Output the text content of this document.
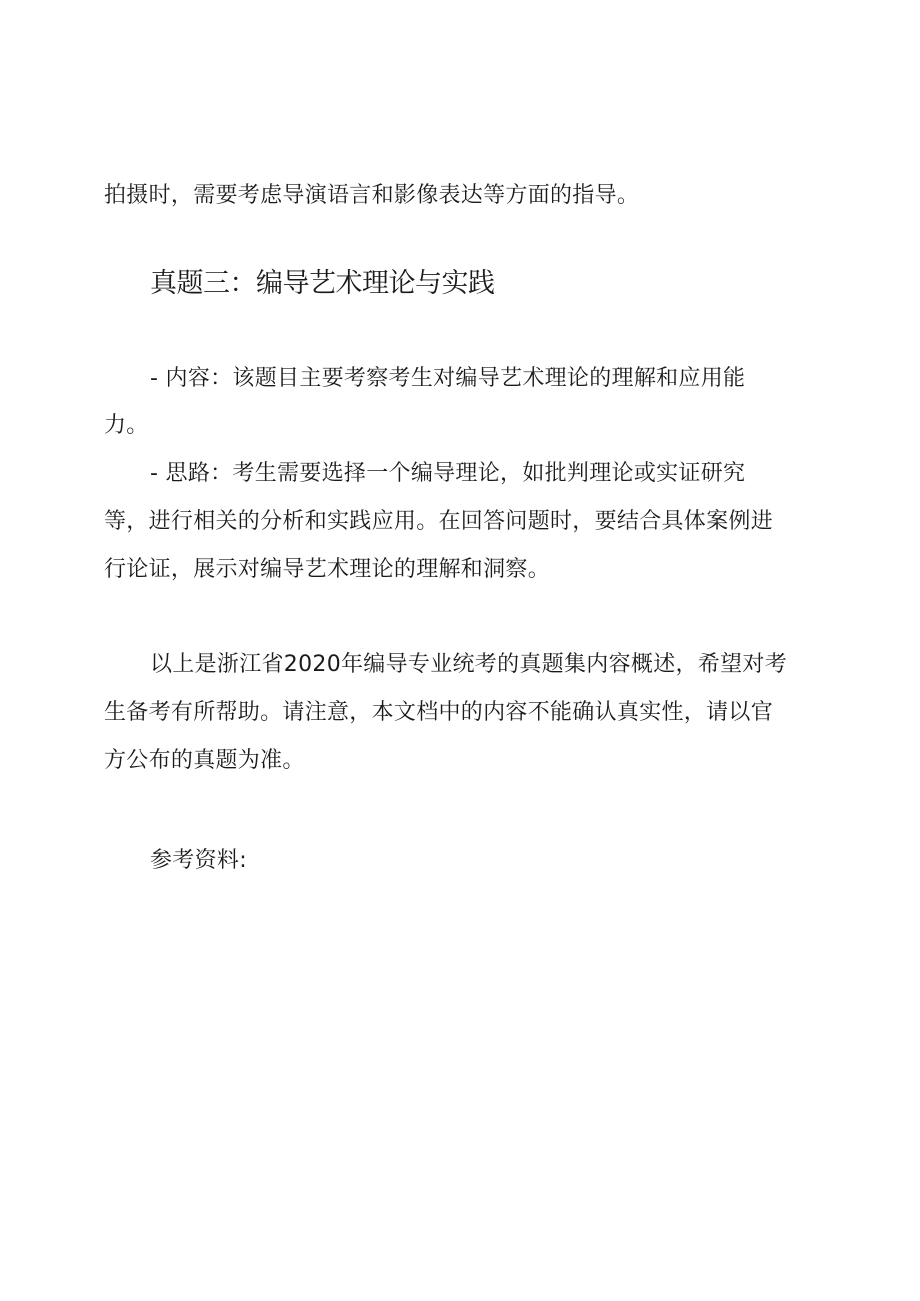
拍摄时，需要考虑导演语言和影像表达等方面的指导。
真题三：编导艺术理论与实践
- 内容：该题目主要考察考生对编导艺术理论的理解和应用能
力。
- 思路：考生需要选择一个编导理论，如批判理论或实证研究
等，进行相关的分析和实践应用。在回答问题时，要结合具体案例进
行论证，展示对编导艺术理论的理解和洞察。
以上是浙江省2020年编导专业统考的真题集内容概述，希望对考
生备考有所帮助。请注意，本文档中的内容不能确认真实性，请以官
方公布的真题为准。
参考资料:
